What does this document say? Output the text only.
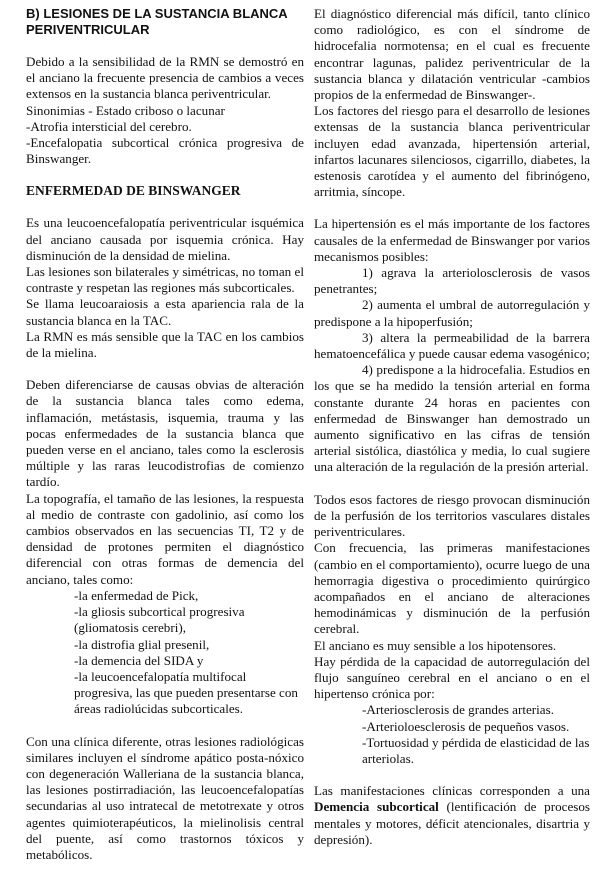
B) LESIONES DE LA SUSTANCIA BLANCA PERIVENTRICULAR

Debido a la sensibilidad de la RMN se demostró en el anciano la frecuente presencia de cambios a veces extensos en la sustancia blanca periventricular.

Sinonimias - Estado criboso o lacunar

-Atrofia intersticial del cerebro.

-Encefalopatia subcortical crónica progresiva de Binswanger.

ENFERMEDAD DE BINSWANGER

Es una leucoencefalopatía periventricular isquémica del anciano causada por isquemia crónica. Hay disminución de la densidad de mielina.

Las lesiones son bilaterales y simétricas, no toman el contraste y respetan las regiones más subcorticales.

Se llama leucoaraiosis a esta apariencia rala de la sustancia blanca en la TAC.

La RMN es más sensible que la TAC en los cambios de la mielina.

Deben diferenciarse de causas obvias de alteración de la sustancia blanca tales como edema, inflamación, metástasis, isquemia, trauma y las pocas enfermedades de la sustancia blanca que pueden verse en el anciano, tales como la esclerosis múltiple y las raras leucodistrofias de comienzo tardío.

La topografía, el tamaño de las lesiones, la respuesta al medio de contraste con gadolinio, así como los cambios observados en las secuencias TI, T2 y de densidad de protones permiten el diagnóstico diferencial con otras formas de demencia del anciano, tales como:

-la enfermedad de Pick,

-la gliosis subcortical progresiva (gliomatosis cerebri),

-la distrofia glial presenil,

-la demencia del SIDA y

-la leucoencefalopatía multifocal progresiva, las que pueden presentarse con áreas radiolúcidas subcorticales.

Con una clínica diferente, otras lesiones radiológicas similares incluyen el síndrome apático posta-nóxico con degeneración Walleriana de la sustancia blanca, las lesiones postirradiación, las leucoencefalopatías secundarias al uso intratecal de metotrexate y otros agentes quimioterapéuticos, la mielinolisis central del puente, así como trastornos tóxicos y metabólicos.

El diagnóstico diferencial más difícil, tanto clínico como radiológico, es con el síndrome de hidrocefalia normotensa; en el cual es frecuente encontrar lagunas, palidez periventricular de la sustancia blanca y dilatación ventricular -cambios propios de la enfermedad de Binswanger-.

Los factores del riesgo para el desarrollo de lesiones extensas de la sustancia blanca periventricular incluyen edad avanzada, hipertensión arterial, infartos lacunares silenciosos, cigarrillo, diabetes, la estenosis carotídea y el aumento del fibrinógeno, arritmia, síncope.

La hipertensión es el más importante de los factores causales de la enfermedad de Binswanger por varios mecanismos posibles:

1) agrava la arteriolosclerosis de vasos penetrantes;

2) aumenta el umbral de autorregulación y predispone a la hipoperfusión;

3) altera la permeabilidad de la barrera hematoencefálica y puede causar edema vasogénico;

4) predispone a la hidrocefalia. Estudios en los que se ha medido la tensión arterial en forma constante durante 24 horas en pacientes con enfermedad de Binswanger han demostrado un aumento significativo en las cifras de tensión arterial sistólica, diastólica y media, lo cual sugiere una alteración de la regulación de la presión arterial.

Todos esos factores de riesgo provocan disminución de la perfusión de los territorios vasculares distales periventriculares.

Con frecuencia, las primeras manifestaciones (cambio en el comportamiento), ocurre luego de una hemorragia digestiva o procedimiento quirúrgico acompañados en el anciano de alteraciones hemodinámicas y disminución de la perfusión cerebral.

El anciano es muy sensible a los hipotensores.

Hay pérdida de la capacidad de autorregulación del flujo sanguíneo cerebral en el anciano o en el hipertenso crónica por:

-Arteriosclerosis de grandes arterias.

-Arterioloesclerosis de pequeños vasos.

-Tortuosidad y pérdida de elasticidad de las arteriolas.

Las manifestaciones clínicas corresponden a una Demencia subcortical (lentificación de procesos mentales y motores, déficit atencionales, disartria y depresión).
